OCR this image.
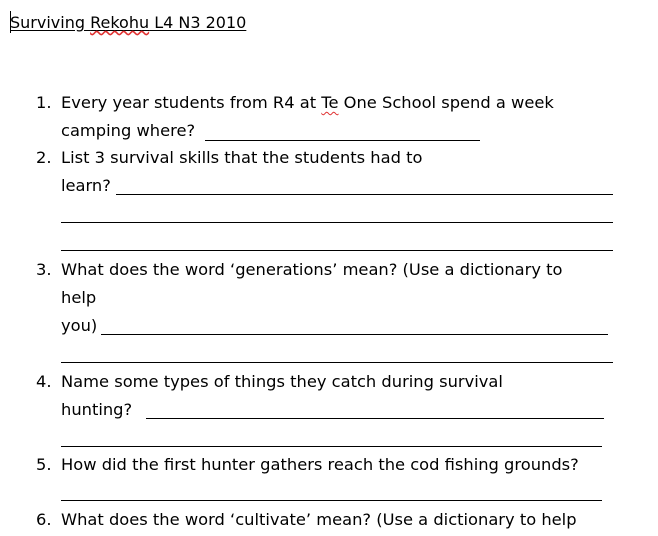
Surviving Rekohu L4 N3 2010
1. Every year students from R4 at Te One School spend a week
camping where?
2. List 3 survival skills that the students had to
learn?
3. What does the word ‘generations’ mean? (Use a dictionary to
help
you)
4. Name some types of things they catch during survival
hunting?
5. How did the first hunter gathers reach the cod fishing grounds?
6. What does the word ‘cultivate’ mean? (Use a dictionary to help
